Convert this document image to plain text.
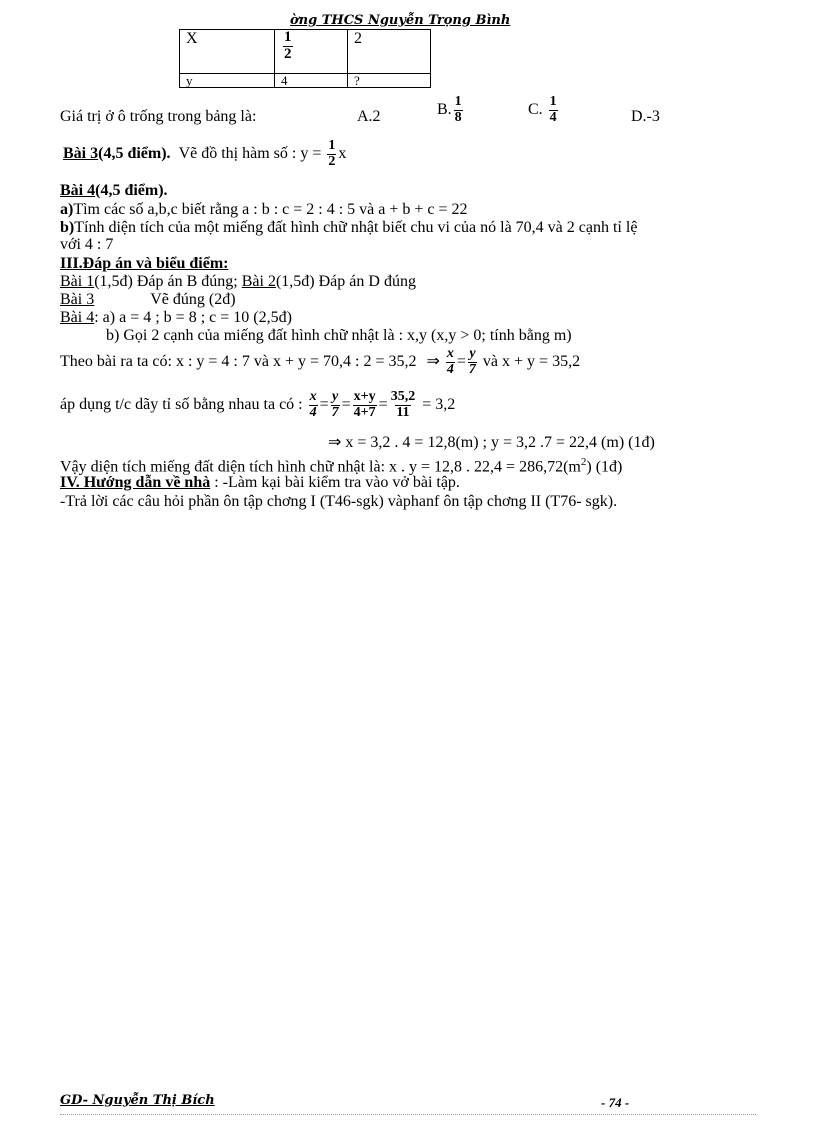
ờng THCS Nguyễn Trọng Bình
X	$\frac{1}{2}$	2
y	4	?
Giá trị ở ô trống trong bảng là:	A.2	B. $\frac{1}{8}$	C. $\frac{1}{4}$	D.-3
Bài 3(4,5 điểm). Vẽ đồ thị hàm số : $y = \frac{1}{2}$ x
Bài 4(4,5 điểm).
a)Tìm các số a,b,c biết rằng a : b : c = 2 : 4 : 5 và a + b + c = 22
b)Tính diện tích của một miếng đất hình chữ nhật biết chu vi của nó là 70,4 và 2 cạnh tỉ lệ
với 4 : 7
III.Đáp án và biểu điểm:
Bài 1(1,5đ) Đáp án B đúng; Bài 2(1,5đ) Đáp án D đúng
Bài 3	Vẽ đúng (2đ)
Bài 4: a) a = 4 ; b = 8 ; c = 10 (2,5đ)
b) Gọi 2 cạnh của miếng đất hình chữ nhật là : x,y (x,y > 0; tính bằng m)
Theo bài ra ta có: x : y = 4 : 7 và x + y = 70,4 : 2 = 35,2 ⇒ $\frac{x}{4} = \frac{y}{7}$ và x + y = 35,2
áp dụng t/c dãy tỉ số bằng nhau ta có : $\frac{x}{4} = \frac{y}{7} = \frac{x+y}{4+7} = \frac{35,2}{11} = 3,2$
⇒ x = 3,2 . 4 = 12,8(m) ; y = 3,2 .7 = 22,4 (m) (1đ)
Vậy diện tích miếng đất diện tích hình chữ nhật là: x . y = 12,8 . $22,4 = 286,72(m^2)$ (1đ)
IV. Hướng dẫn về nhà : -Làm kại bài kiểm tra vào vở bài tập.
-Trả lời các câu hỏi phần ôn tập chơng I (T46-sgk) vàphanf ôn tập chơng II (T76- sgk).
GD- Nguyễn Thị Bích	- 74 -
